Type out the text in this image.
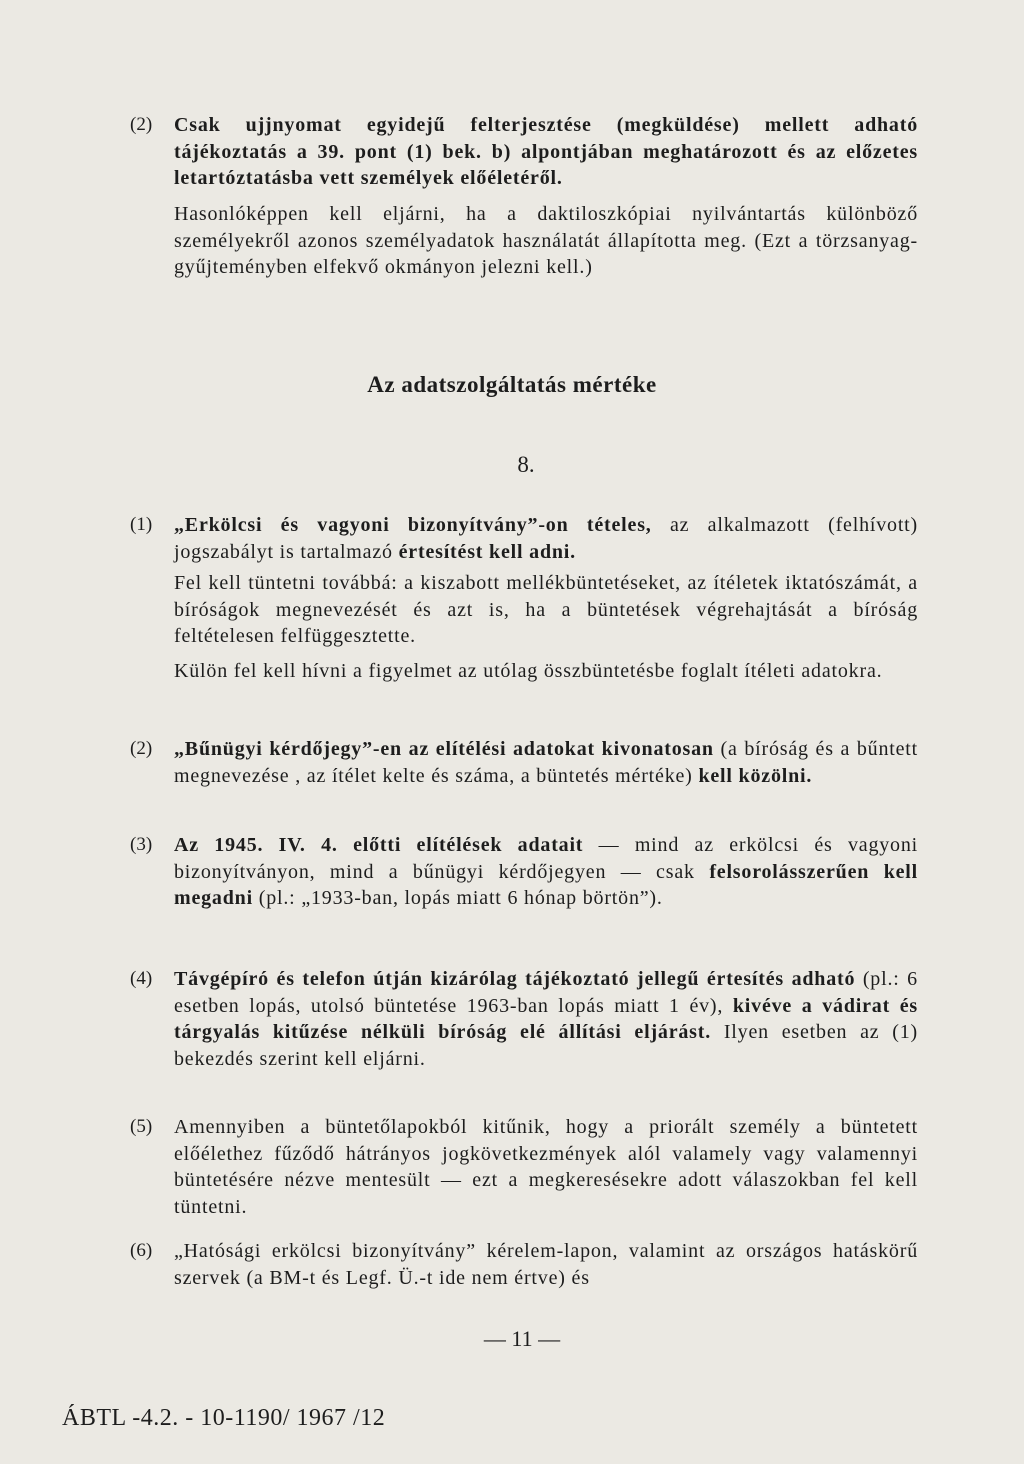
(2) Csak ujjnyomat egyidejű felterjesztése (megküldése) mellett adható tájékoztatás a 39. pont (1) bek. b) alpontjában meghatározott és az előzetes letartóztatásba vett személyek előéletéről.
Hasonlóképpen kell eljárni, ha a daktiloszkópiai nyilvántartás különböző személyekről azonos személyadatok használatát állapította meg. (Ezt a törzsanyag-gyűjteményben elfekvő okmányon jelezni kell.)
Az adatszolgáltatás mértéke
8.
(1) „Erkölcsi és vagyoni bizonyítvány”-on tételes, az alkalmazott (felhívott) jogszabályt is tartalmazó értesítést kell adni.
Fel kell tüntetni továbbá: a kiszabott mellékbüntetéseket, az ítéletek iktatószámát, a bíróságok megnevezését és azt is, ha a büntetések végrehajtását a bíróság feltételesen felfüggesztette.
Külön fel kell hívni a figyelmet az utólag összbüntetésbe foglalt ítéleti adatokra.
(2) „Bűnügyi kérdőjegy”-en az elítélési adatokat kivonatosan (a bíróság és a bűntett megnevezése , az ítélet kelte és száma, a büntetés mértéke) kell közölni.
(3) Az 1945. IV. 4. előtti elítélések adatait — mind az erkölcsi és vagyoni bizonyítványon, mind a bűnügyi kérdőjegyen — csak felsorolásszerűen kell megadni (pl.: „1933-ban, lopás miatt 6 hónap börtön”).
(4) Távgépíró és telefon útján kizárólag tájékoztató jellegű értesítés adható (pl.: 6 esetben lopás, utolsó büntetése 1963-ban lopás miatt 1 év), kivéve a vádirat és tárgyalás kitűzése nélküli bíróság elé állítási eljárást. Ilyen esetben az (1) bekezdés szerint kell eljárni.
(5) Amennyiben a büntetőlapokból kitűnik, hogy a priorált személy a büntetett előélethez fűződő hátrányos jogkövetkezmények alól valamely vagy valamennyi büntetésére nézve mentesült — ezt a megkeresésekre adott válaszokban fel kell tüntetni.
(6) „Hatósági erkölcsi bizonyítvány” kérelem-lapon, valamint az országos hatáskörű szervek (a BM-t és Legf. Ü.-t ide nem értve) és
— 11 —
ÁBTL -4.2. - 10-1190/ 1967 /12
